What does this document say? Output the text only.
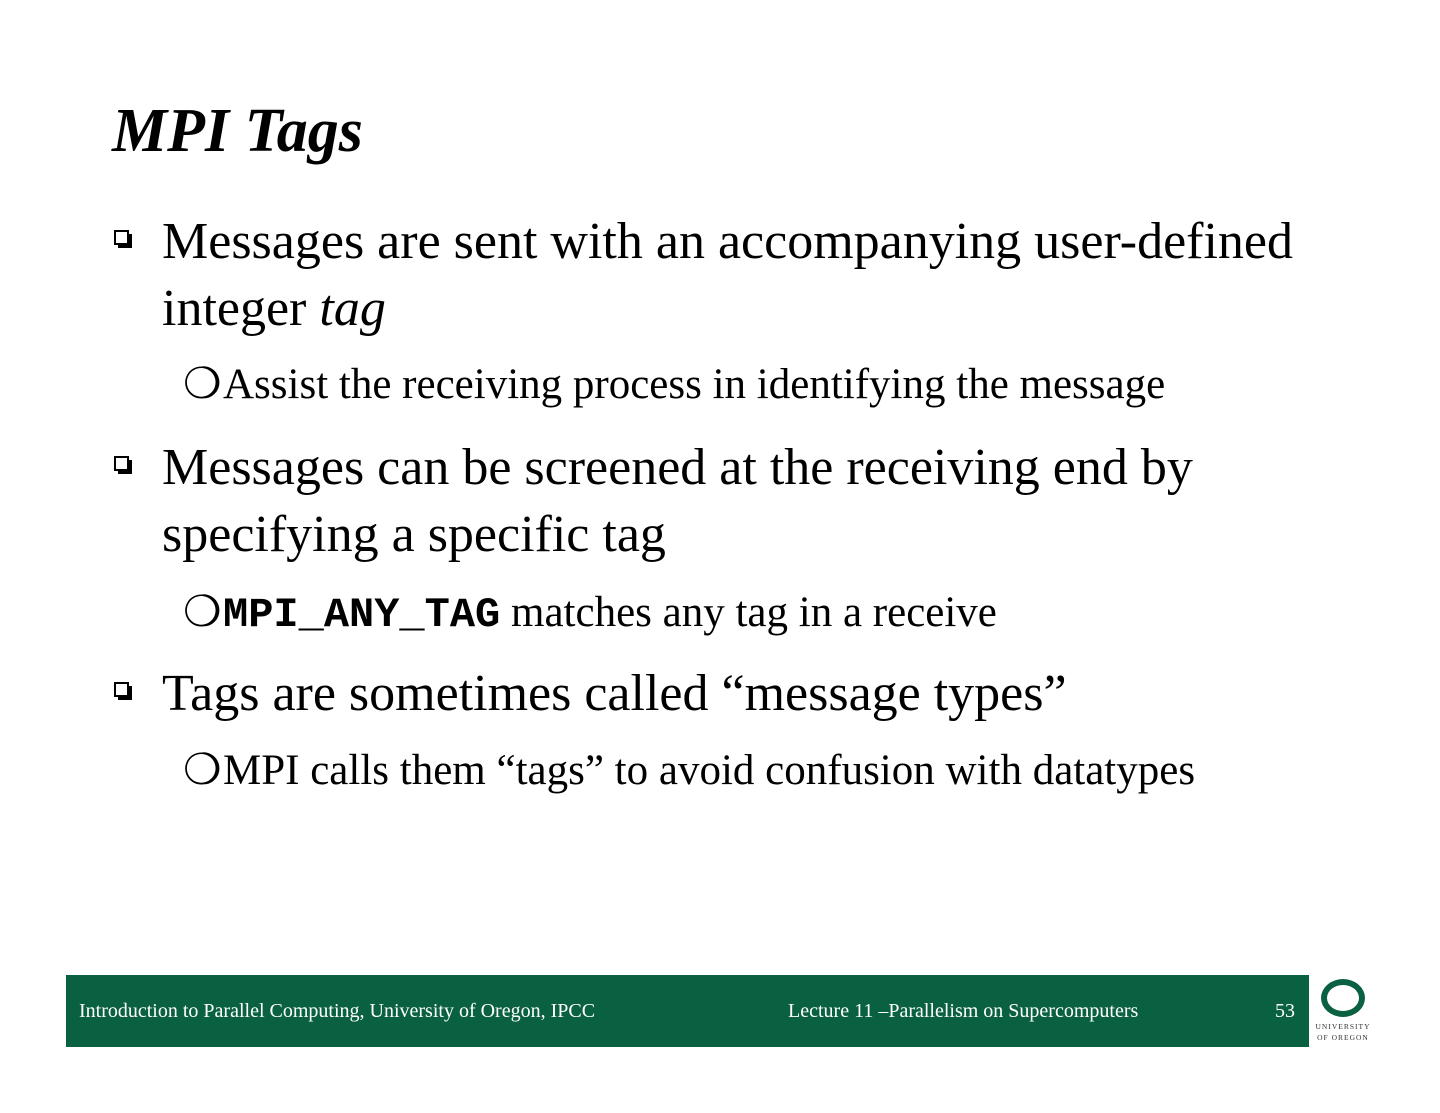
MPI Tags
Messages are sent with an accompanying user-defined integer tag
❍ Assist the receiving process in identifying the message
Messages can be screened at the receiving end by specifying a specific tag
❍ MPI_ANY_TAG matches any tag in a receive
Tags are sometimes called “message types”
❍ MPI calls them “tags” to avoid confusion with datatypes
Introduction to Parallel Computing, University of Oregon, IPCC	Lecture 11 –Parallelism on Supercomputers	53
UNIVERSITY
OF OREGON
